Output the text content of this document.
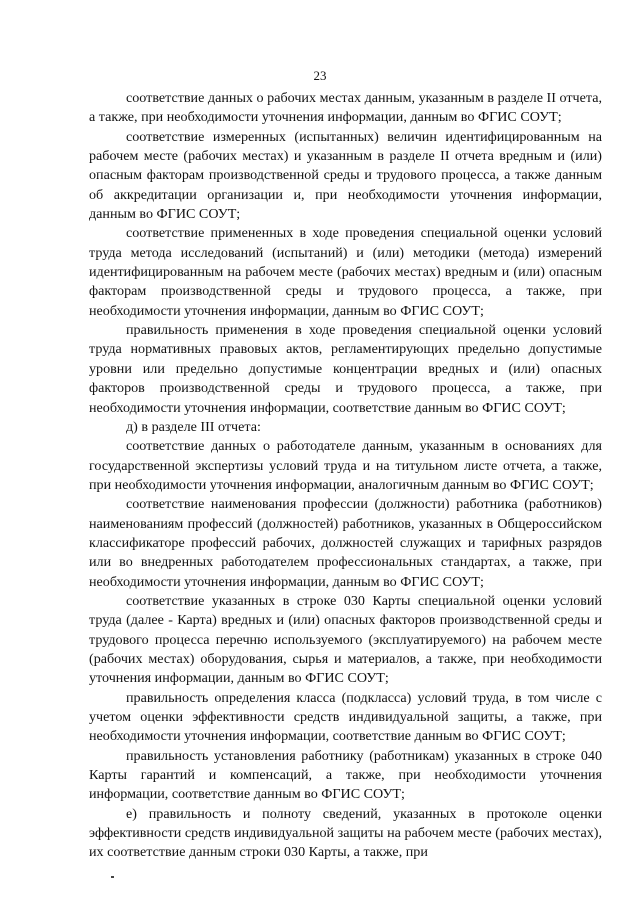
23

соответствие данных о рабочих местах данным, указанным в разделе II отчета, а также, при необходимости уточнения информации, данным во ФГИС СОУТ;

соответствие измеренных (испытанных) величин идентифицированным на рабочем месте (рабочих местах) и указанным в разделе II отчета вредным и (или) опасным факторам производственной среды и трудового процесса, а также данным об аккредитации организации и, при необходимости уточнения информации, данным во ФГИС СОУТ;

соответствие примененных в ходе проведения специальной оценки условий труда метода исследований (испытаний) и (или) методики (метода) измерений идентифицированным на рабочем месте (рабочих местах) вредным и (или) опасным факторам производственной среды и трудового процесса, а также, при необходимости уточнения информации, данным во ФГИС СОУТ;

правильность применения в ходе проведения специальной оценки условий труда нормативных правовых актов, регламентирующих предельно допустимые уровни или предельно допустимые концентрации вредных и (или) опасных факторов производственной среды и трудового процесса, а также, при необходимости уточнения информации, соответствие данным во ФГИС СОУТ;

д) в разделе III отчета:

соответствие данных о работодателе данным, указанным в основаниях для государственной экспертизы условий труда и на титульном листе отчета, а также, при необходимости уточнения информации, аналогичным данным во ФГИС СОУТ;

соответствие наименования профессии (должности) работника (работников) наименованиям профессий (должностей) работников, указанных в Общероссийском классификаторе профессий рабочих, должностей служащих и тарифных разрядов или во внедренных работодателем профессиональных стандартах, а также, при необходимости уточнения информации, данным во ФГИС СОУТ;

соответствие указанных в строке 030 Карты специальной оценки условий труда (далее - Карта) вредных и (или) опасных факторов производственной среды и трудового процесса перечню используемого (эксплуатируемого) на рабочем месте (рабочих местах) оборудования, сырья и материалов, а также, при необходимости уточнения информации, данным во ФГИС СОУТ;

правильность определения класса (подкласса) условий труда, в том числе с учетом оценки эффективности средств индивидуальной защиты, а также, при необходимости уточнения информации, соответствие данным во ФГИС СОУТ;

правильность установления работнику (работникам) указанных в строке 040 Карты гарантий и компенсаций, а также, при необходимости уточнения информации, соответствие данным во ФГИС СОУТ;

е) правильность и полноту сведений, указанных в протоколе оценки эффективности средств индивидуальной защиты на рабочем месте (рабочих местах), их соответствие данным строки 030 Карты, а также, при
